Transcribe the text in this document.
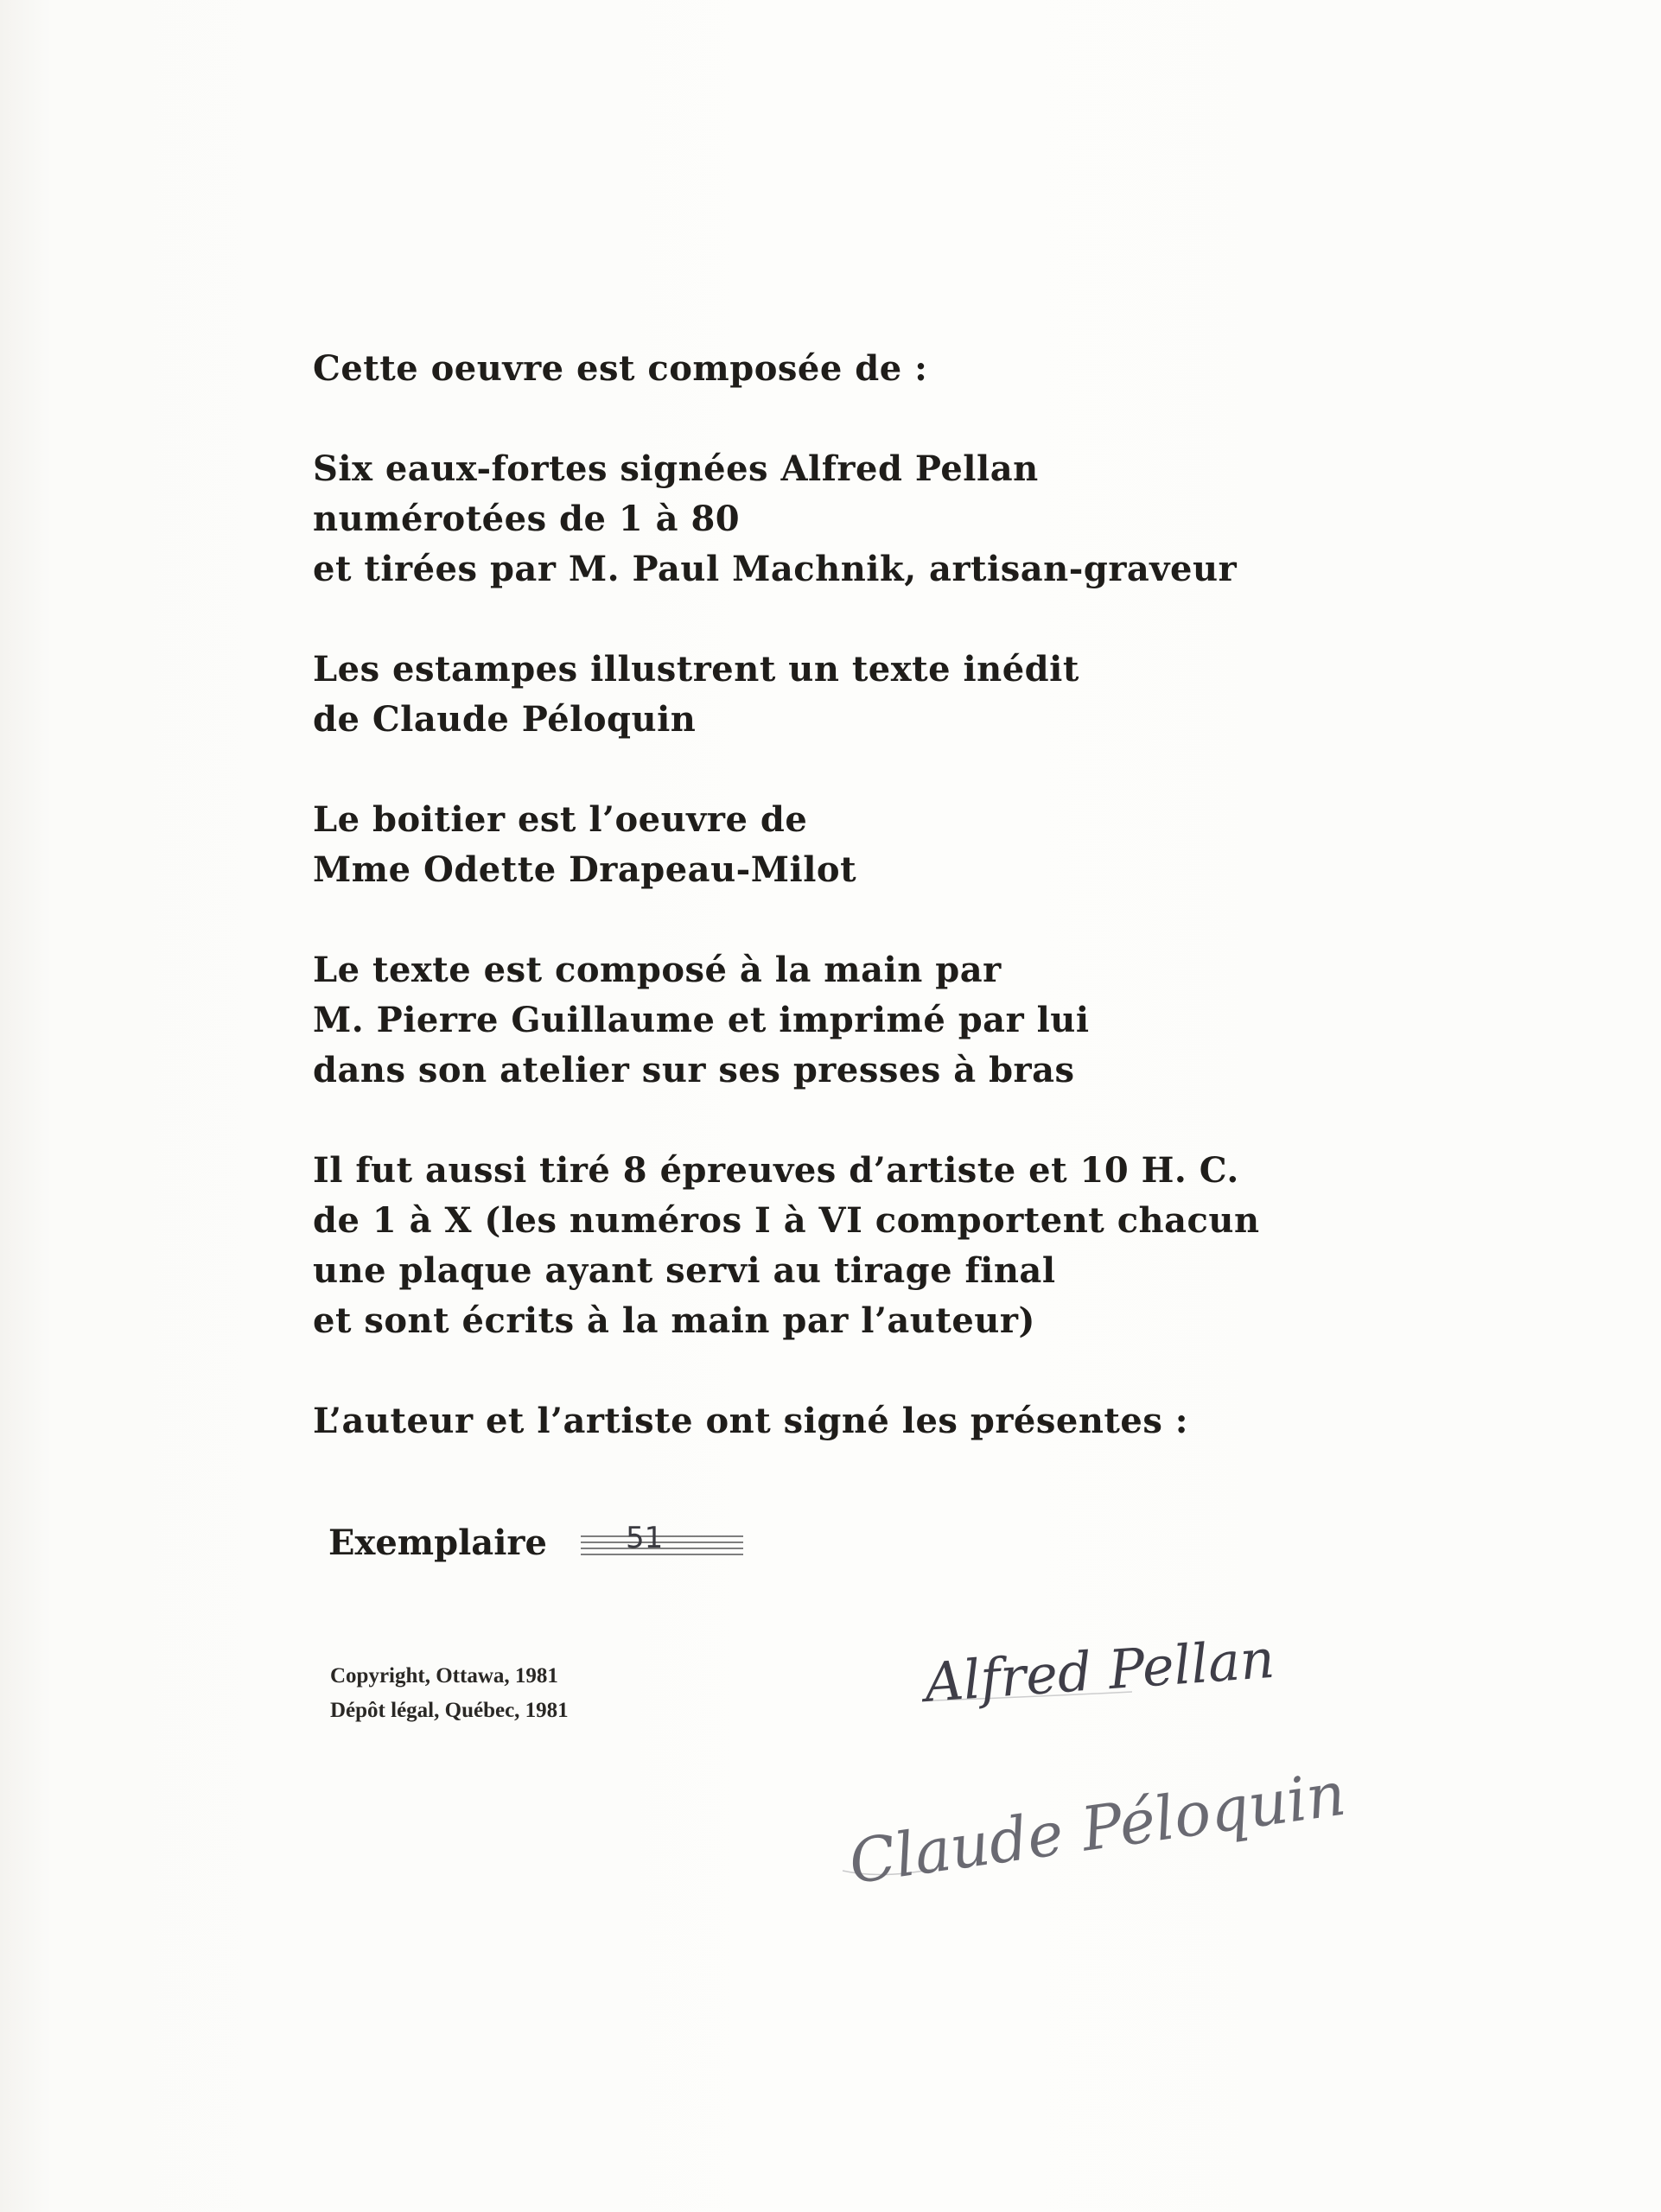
Cette oeuvre est composée de :
Six eaux-fortes signées Alfred Pellan
numérotées de 1 à 80
et tirées par M. Paul Machnik, artisan-graveur
Les estampes illustrent un texte inédit
de Claude Péloquin
Le boitier est l’oeuvre de
Mme Odette Drapeau-Milot
Le texte est composé à la main par
M. Pierre Guillaume et imprimé par lui
dans son atelier sur ses presses à bras
Il fut aussi tiré 8 épreuves d’artiste et 10 H. C.
de 1 à X (les numéros I à VI comportent chacun
une plaque ayant servi au tirage final
et sont écrits à la main par l’auteur)
L’auteur et l’artiste ont signé les présentes :
Exemplaire	51
Copyright, Ottawa, 1981
Dépôt légal, Québec, 1981	Alfred Pellan
Claude Péloquin
